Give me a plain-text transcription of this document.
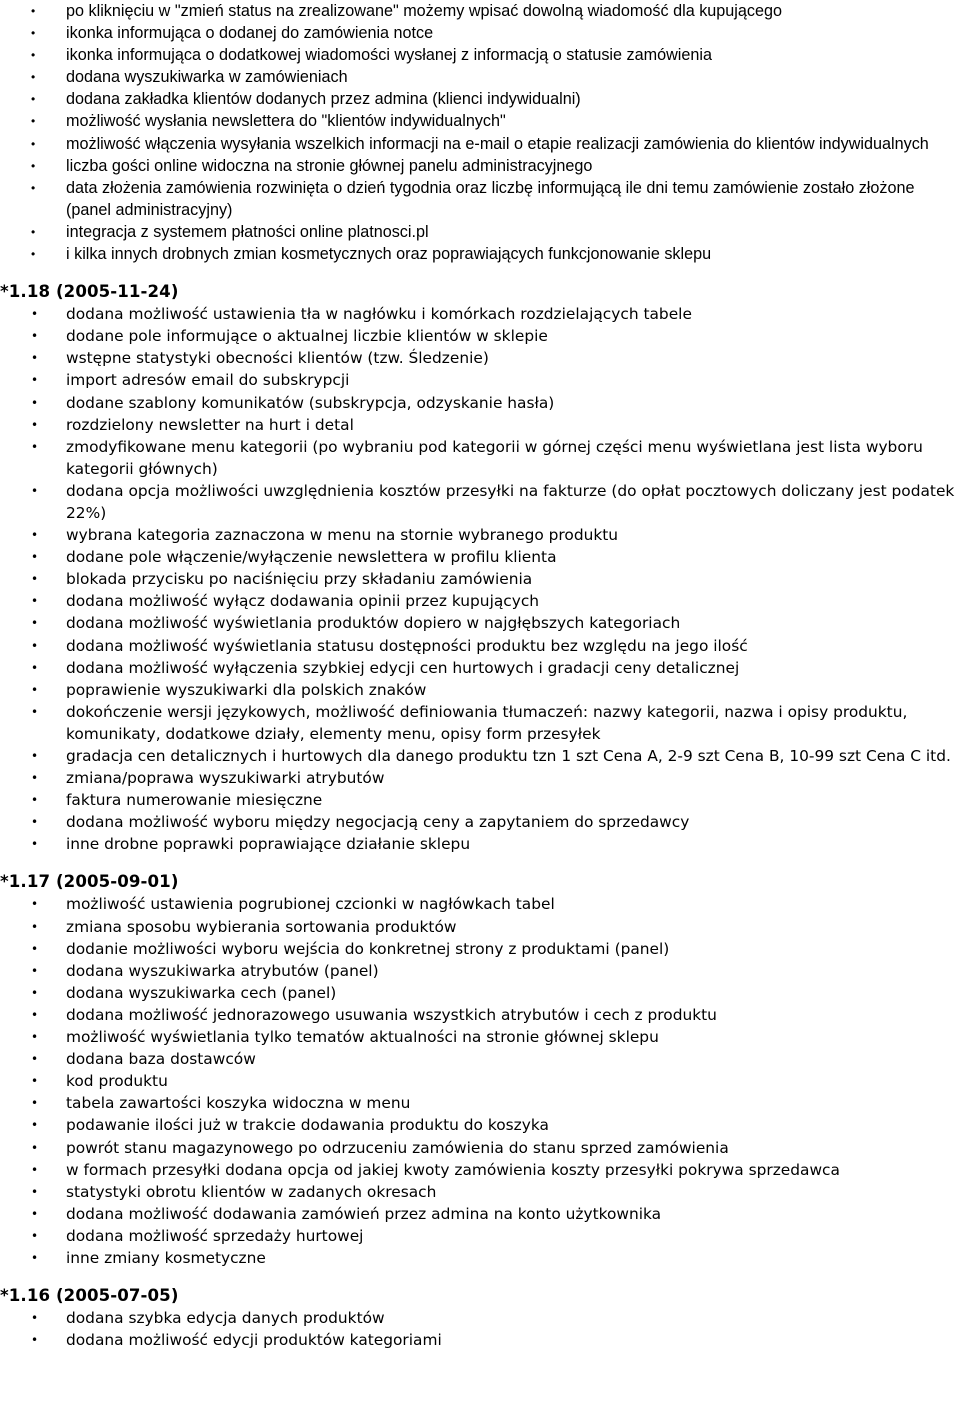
• po kliknięciu w "zmień status na zrealizowane" możemy wpisać dowolną wiadomość dla kupującego
• ikonka informująca o dodanej do zamówienia notce
• ikonka informująca o dodatkowej wiadomości wysłanej z informacją o statusie zamówienia
• dodana wyszukiwarka w zamówieniach
• dodana zakładka klientów dodanych przez admina (klienci indywidualni)
• możliwość wysłania newslettera do "klientów indywidualnych"
• możliwość włączenia wysyłania wszelkich informacji na e-mail o etapie realizacji zamówienia do klientów indywidualnych
• liczba gości online widoczna na stronie głównej panelu administracyjnego
• data złożenia zamówienia rozwinięta o dzień tygodnia oraz liczbę informującą ile dni temu zamówienie zostało złożone (panel administracyjny)
• integracja z systemem płatności online platnosci.pl
• i kilka innych drobnych zmian kosmetycznych oraz poprawiających funkcjonowanie sklepu
*1.18 (2005-11-24)
• dodana możliwość ustawienia tła w nagłówku i komórkach rozdzielających tabele
• dodane pole informujące o aktualnej liczbie klientów w sklepie
• wstępne statystyki obecności klientów (tzw. Śledzenie)
• import adresów email do subskrypcji
• dodane szablony komunikatów (subskrypcja, odzyskanie hasła)
• rozdzielony newsletter na hurt i detal
• zmodyfikowane menu kategorii (po wybraniu pod kategorii w górnej części menu wyświetlana jest lista wyboru kategorii głównych)
• dodana opcja możliwości uwzględnienia kosztów przesyłki na fakturze (do opłat pocztowych doliczany jest podatek 22%)
• wybrana kategoria zaznaczona w menu na stornie wybranego produktu
• dodane pole włączenie/wyłączenie newslettera w profilu klienta
• blokada przycisku po naciśnięciu przy składaniu zamówienia
• dodana możliwość wyłącz dodawania opinii przez kupujących
• dodana możliwość wyświetlania produktów dopiero w najgłębszych kategoriach
• dodana możliwość wyświetlania statusu dostępności produktu bez względu na jego ilość
• dodana możliwość wyłączenia szybkiej edycji cen hurtowych i gradacji ceny detalicznej
• poprawienie wyszukiwarki dla polskich znaków
• dokończenie wersji językowych, możliwość definiowania tłumaczeń: nazwy kategorii, nazwa i opisy produktu, komunikaty, dodatkowe działy, elementy menu, opisy form przesyłek
• gradacja cen detalicznych i hurtowych dla danego produktu tzn 1 szt Cena A, 2-9 szt Cena B, 10-99 szt Cena C itd.
• zmiana/poprawa wyszukiwarki atrybutów
• faktura numerowanie miesięczne
• dodana możliwość wyboru między negocjacją ceny a zapytaniem do sprzedawcy
• inne drobne poprawki poprawiające działanie sklepu
*1.17 (2005-09-01)
• możliwość ustawienia pogrubionej czcionki w nagłówkach tabel
• zmiana sposobu wybierania sortowania produktów
• dodanie możliwości wyboru wejścia do konkretnej strony z produktami (panel)
• dodana wyszukiwarka atrybutów (panel)
• dodana wyszukiwarka cech (panel)
• dodana możliwość jednorazowego usuwania wszystkich atrybutów i cech z produktu
• możliwość wyświetlania tylko tematów aktualności na stronie głównej sklepu
• dodana baza dostawców
• kod produktu
• tabela zawartości koszyka widoczna w menu
• podawanie ilości już w trakcie dodawania produktu do koszyka
• powrót stanu magazynowego po odrzuceniu zamówienia do stanu sprzed zamówienia
• w formach przesyłki dodana opcja od jakiej kwoty zamówienia koszty przesyłki pokrywa sprzedawca
• statystyki obrotu klientów w zadanych okresach
• dodana możliwość dodawania zamówień przez admina na konto użytkownika
• dodana możliwość sprzedaży hurtowej
• inne zmiany kosmetyczne
*1.16 (2005-07-05)
• dodana szybka edycja danych produktów
• dodana możliwość edycji produktów kategoriami
